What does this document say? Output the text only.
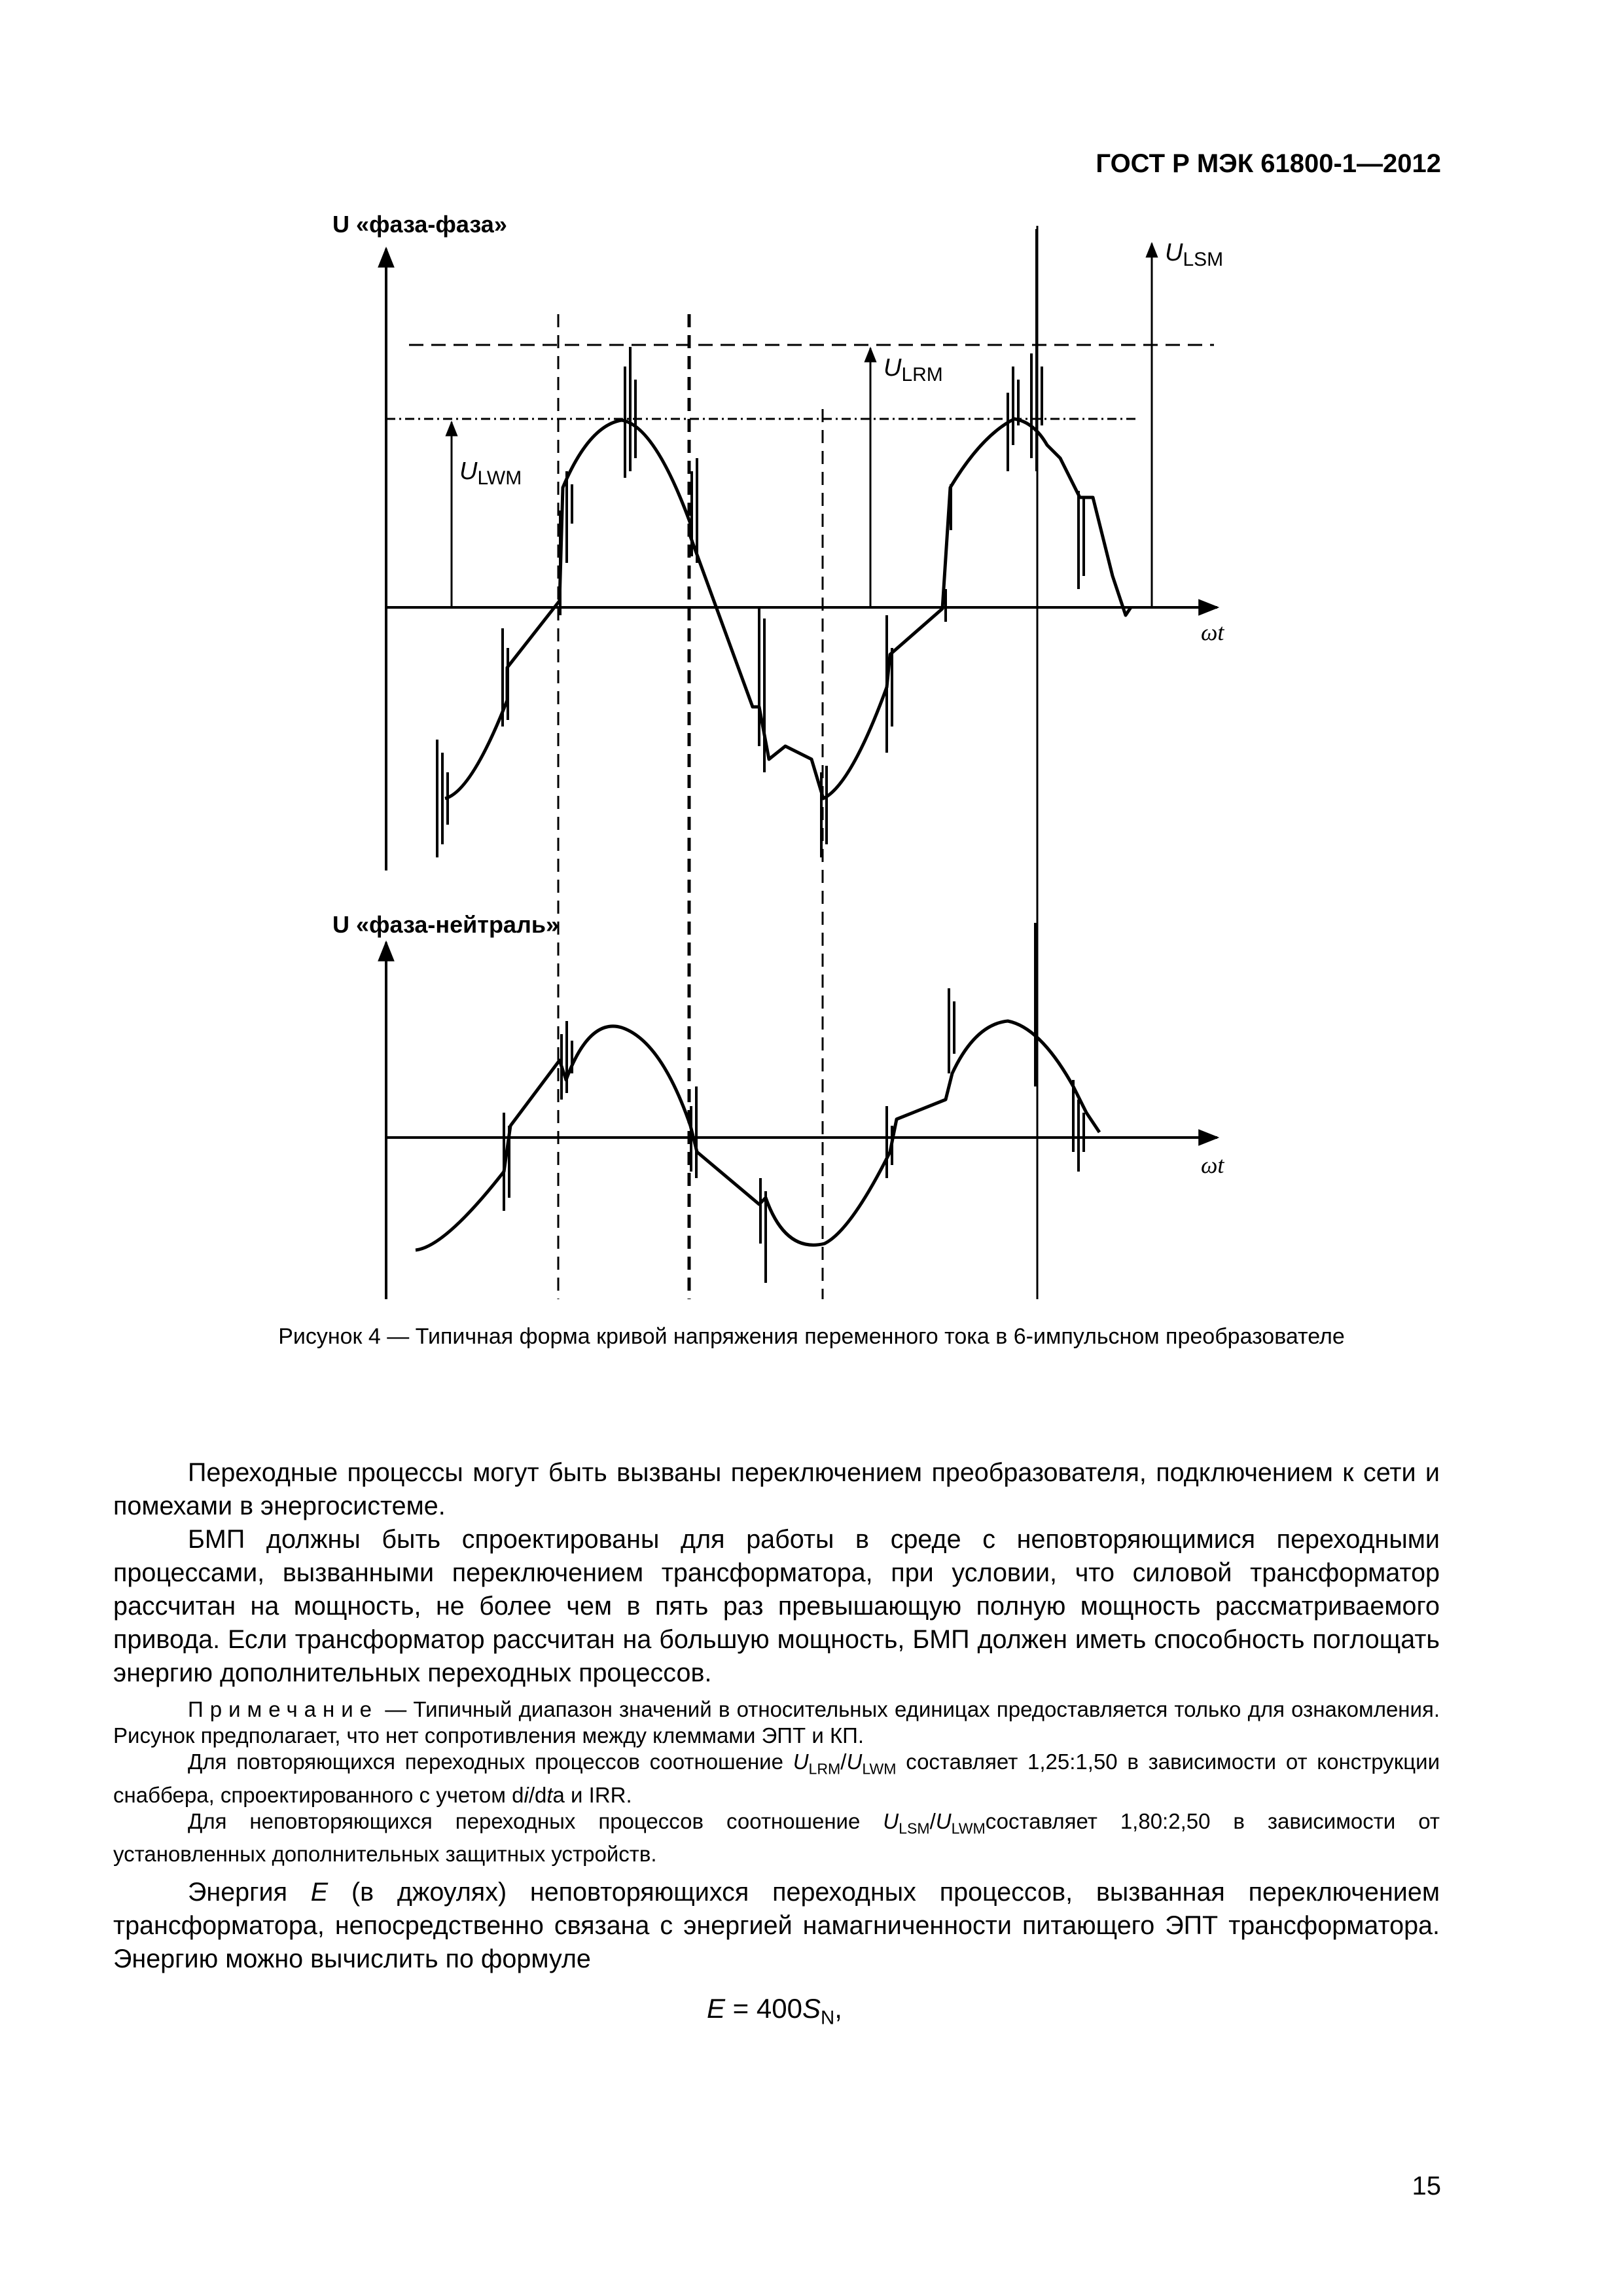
ГОСТ Р МЭК 61800-1—2012
U «фаза-фаза»
ωt
$U_{LSM}$
$U_{LRM}$
$U_{LWM}$
U «фаза-нейтраль»
ωt
Рисунок 4 — Типичная форма кривой напряжения переменного тока в 6-импульсном преобразователе

Переходные процессы могут быть вызваны переключением преобразователя, подключением к сети и помехами в энергосистеме.

БМП должны быть спроектированы для работы в среде с неповторяющимися переходными процессами, вызванными переключением трансформатора, при условии, что силовой трансформатор рассчитан на мощность, не более чем в пять раз превышающую полную мощность рассматриваемого привода. Если трансформатор рассчитан на большую мощность, БМП должен иметь способность поглощать энергию дополнительных переходных процессов.

Примечание — Типичный диапазон значений в относительных единицах предоставляется только для ознакомления. Рисунок предполагает, что нет сопротивления между клеммами ЭПТ и КП.

Для повторяющихся переходных процессов соотношение $U_{LRM}/U_{LWM}$ составляет 1,25:1,50 в зависимости от конструкции снаббера, спроектированного с учетом di/dta и IRR.

Для неповторяющихся переходных процессов соотношение $U_{LSM}/U_{LWM}составляет$ 1,80:2,50 в зависимости от установленных дополнительных защитных устройств.

Энергия E (в джоулях) неповторяющихся переходных процессов, вызванная переключением трансформатора, непосредственно связана с энергией намагниченности питающего ЭПТ трансформатора. Энергию можно вычислить по формуле

$E = 400S_N$,
15
